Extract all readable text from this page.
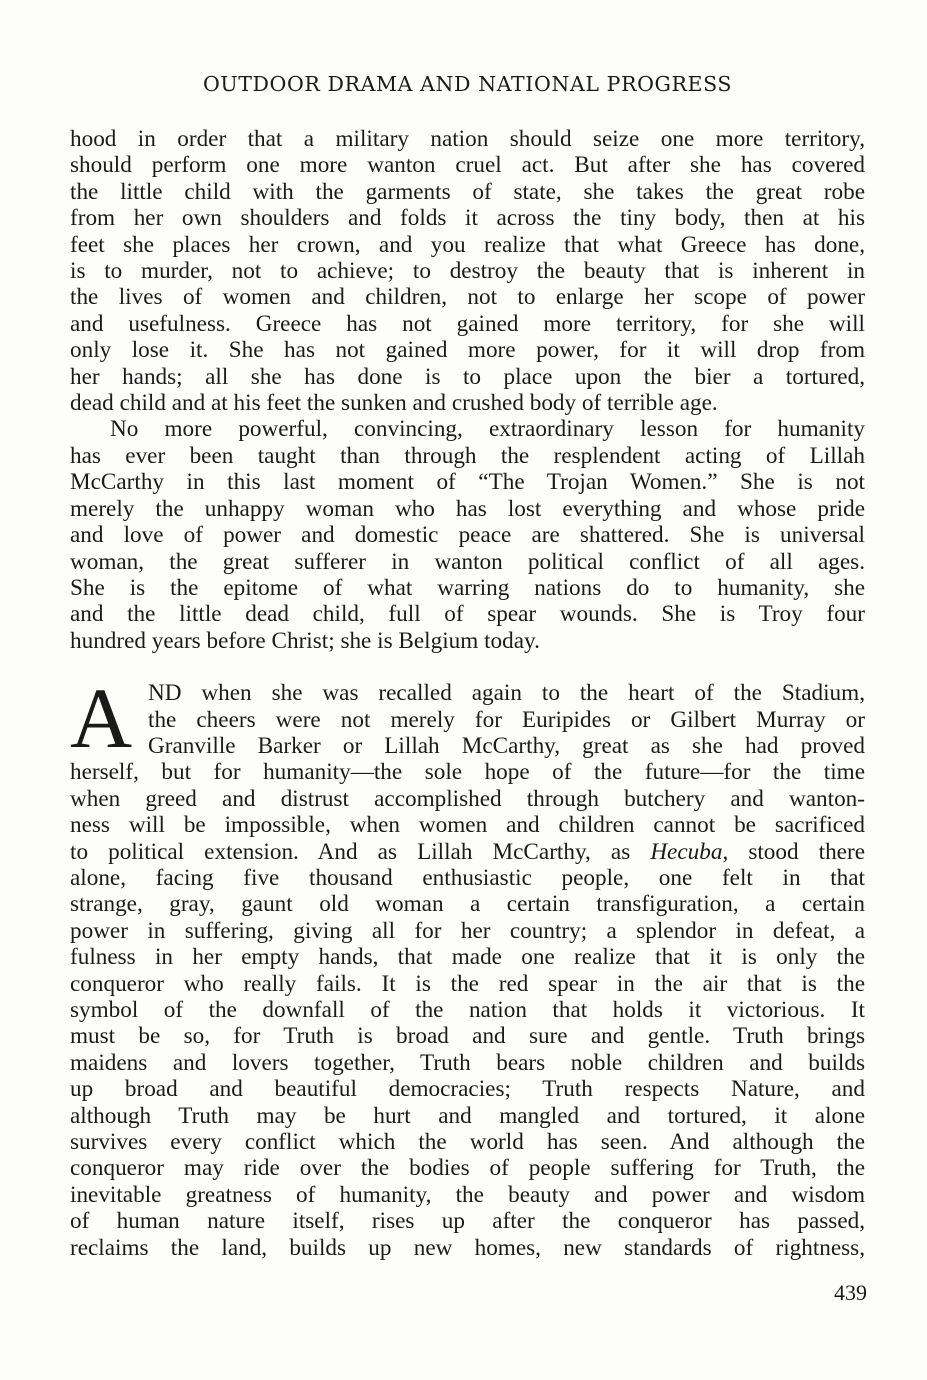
OUTDOOR DRAMA AND NATIONAL PROGRESS

hood in order that a military nation should seize one more territory,
should perform one more wanton cruel act. But after she has covered
the little child with the garments of state, she takes the great robe
from her own shoulders and folds it across the tiny body, then at his
feet she places her crown, and you realize that what Greece has done,
is to murder, not to achieve; to destroy the beauty that is inherent in
the lives of women and children, not to enlarge her scope of power
and usefulness. Greece has not gained more territory, for she will
only lose it. She has not gained more power, for it will drop from
her hands; all she has done is to place upon the bier a tortured,
dead child and at his feet the sunken and crushed body of terrible age.

No more powerful, convincing, extraordinary lesson for humanity
has ever been taught than through the resplendent acting of Lillah
McCarthy in this last moment of “The Trojan Women.” She is not
merely the unhappy woman who has lost everything and whose pride
and love of power and domestic peace are shattered. She is universal
woman, the great sufferer in wanton political conflict of all ages.
She is the epitome of what warring nations do to humanity, she
and the little dead child, full of spear wounds. She is Troy four
hundred years before Christ; she is Belgium today.

A ND when she was recalled again to the heart of the Stadium,
the cheers were not merely for Euripides or Gilbert Murray or
Granville Barker or Lillah McCarthy, great as she had proved
herself, but for humanity—the sole hope of the future—for the time
when greed and distrust accomplished through butchery and wanton-
ness will be impossible, when women and children cannot be sacrificed
to political extension. And as Lillah McCarthy, as Hecuba, stood there
alone, facing five thousand enthusiastic people, one felt in that
strange, gray, gaunt old woman a certain transfiguration, a certain
power in suffering, giving all for her country; a splendor in defeat, a
fulness in her empty hands, that made one realize that it is only the
conqueror who really fails. It is the red spear in the air that is the
symbol of the downfall of the nation that holds it victorious. It
must be so, for Truth is broad and sure and gentle. Truth brings
maidens and lovers together, Truth bears noble children and builds
up broad and beautiful democracies; Truth respects Nature, and
although Truth may be hurt and mangled and tortured, it alone
survives every conflict which the world has seen. And although the
conqueror may ride over the bodies of people suffering for Truth, the
inevitable greatness of humanity, the beauty and power and wisdom
of human nature itself, rises up after the conqueror has passed,
reclaims the land, builds up new homes, new standards of rightness,

439
